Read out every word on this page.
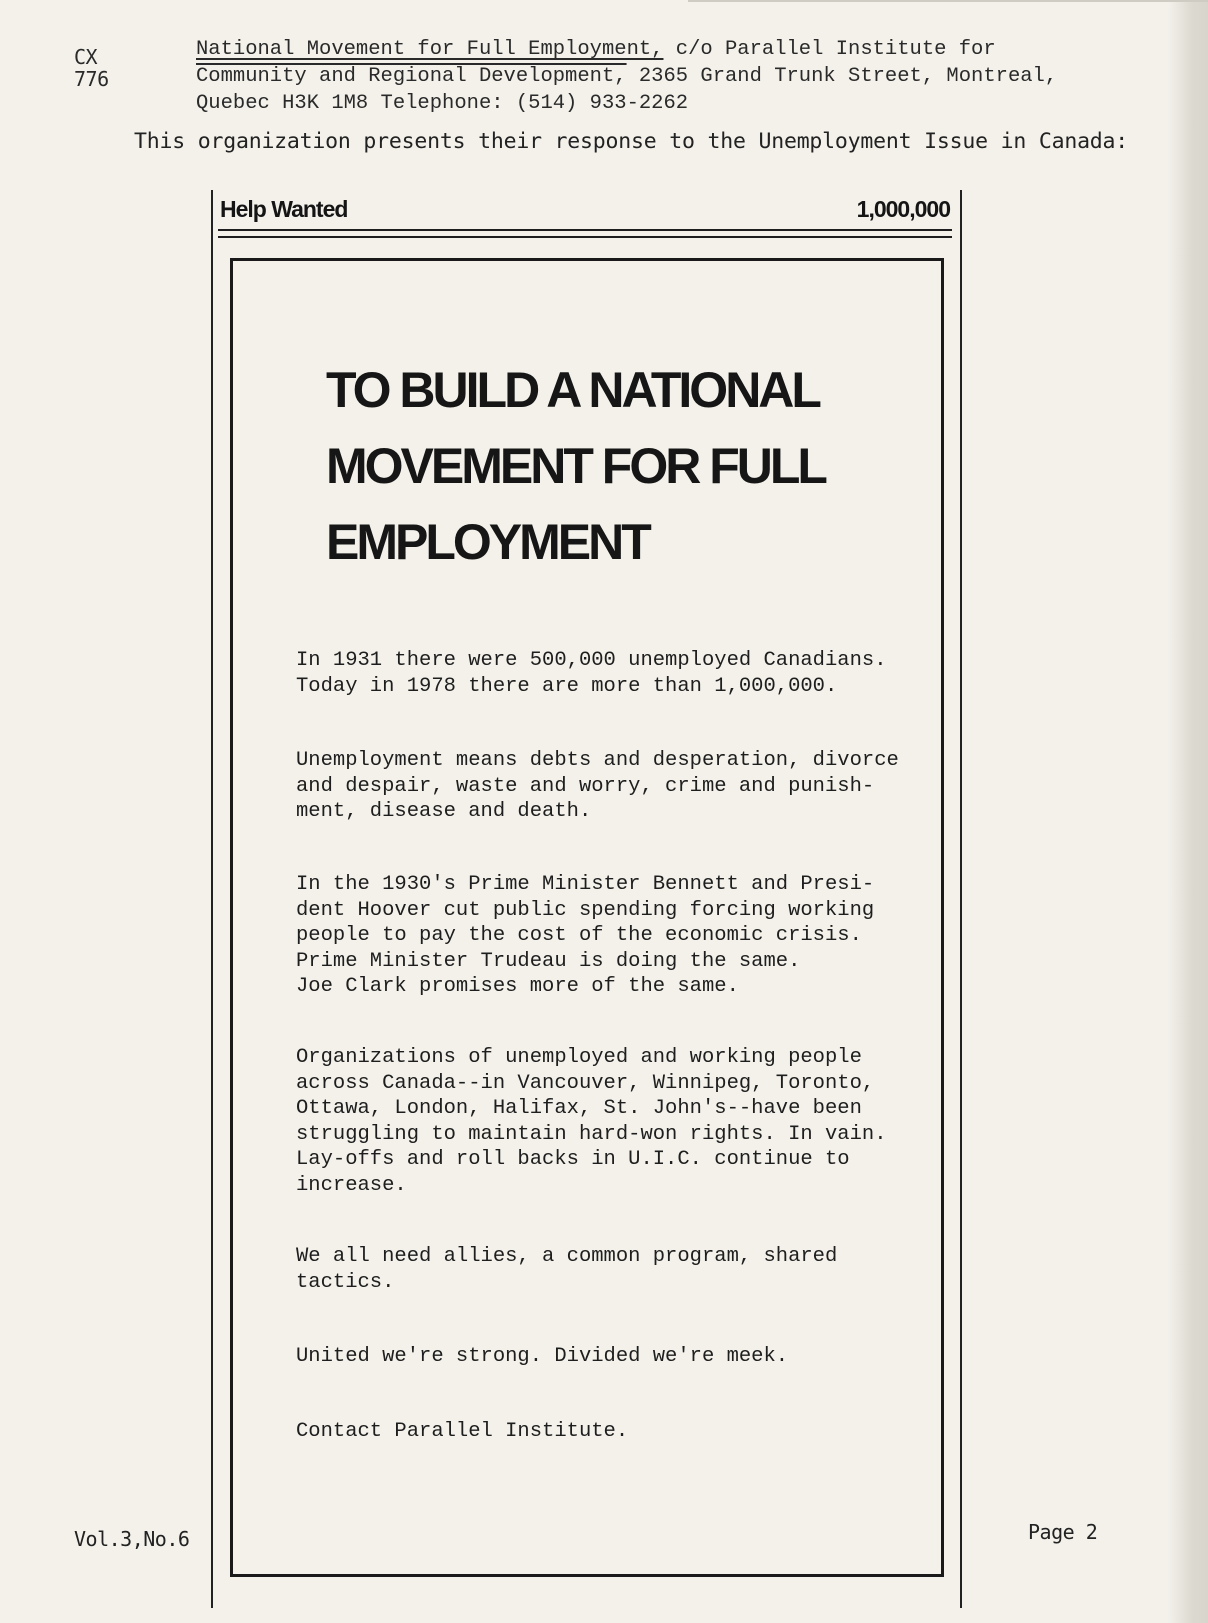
CX
776
National Movement for Full Employment, c/o Parallel Institute for
Community and Regional Development, 2365 Grand Trunk Street, Montreal,
Quebec H3K 1M8 Telephone: (514) 933-2262
This organization presents their response to the Unemployment Issue in Canada:
Help Wanted	1,000,000
TO BUILD A NATIONAL
MOVEMENT FOR FULL
EMPLOYMENT
In 1931 there were 500,000 unemployed Canadians.
Today in 1978 there are more than 1,000,000.
Unemployment means debts and desperation, divorce
and despair, waste and worry, crime and punish-
ment, disease and death.
In the 1930's Prime Minister Bennett and Presi-
dent Hoover cut public spending forcing working
people to pay the cost of the economic crisis.
Prime Minister Trudeau is doing the same.
Joe Clark promises more of the same.
Organizations of unemployed and working people
across Canada--in Vancouver, Winnipeg, Toronto,
Ottawa, London, Halifax, St. John's--have been
struggling to maintain hard-won rights. In vain.
Lay-offs and roll backs in U.I.C. continue to
increase.
We all need allies, a common program, shared
tactics.
United we're strong. Divided we're meek.
Contact Parallel Institute.
Vol.3,No.6	Page 2
